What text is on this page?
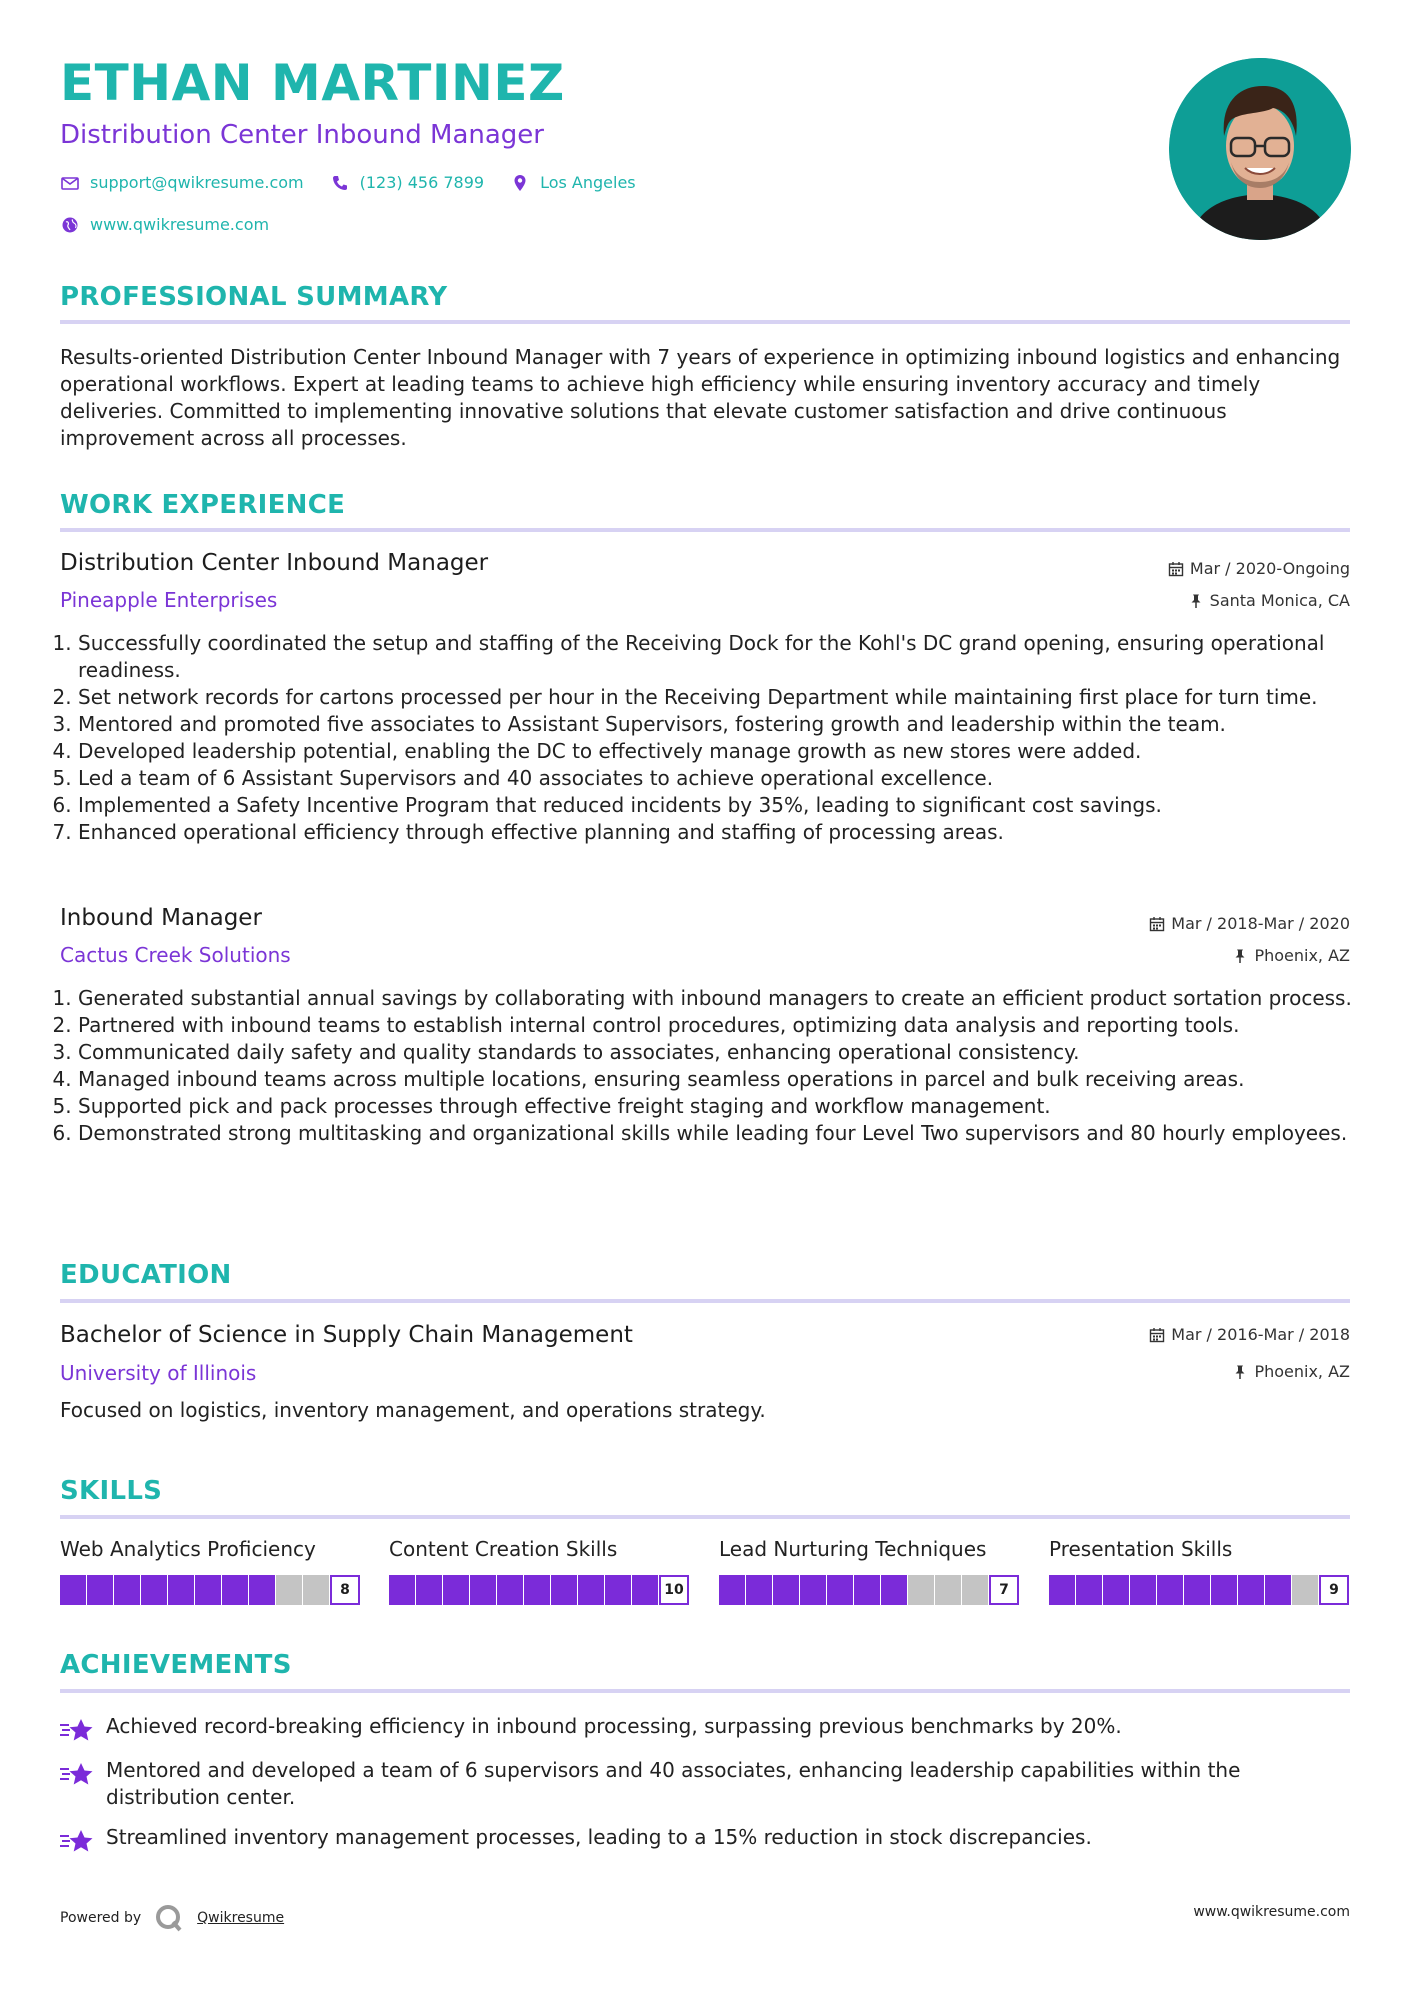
ETHAN MARTINEZ
Distribution Center Inbound Manager
support@qwikresume.com	(123) 456 7899	Los Angeles
www.qwikresume.com
PROFESSIONAL SUMMARY
Results-oriented Distribution Center Inbound Manager with 7 years of experience in optimizing inbound logistics and enhancing operational workflows. Expert at leading teams to achieve high efficiency while ensuring inventory accuracy and timely deliveries. Committed to implementing innovative solutions that elevate customer satisfaction and drive continuous improvement across all processes.
WORK EXPERIENCE
Distribution Center Inbound Manager	Mar / 2020-Ongoing
Pineapple Enterprises	Santa Monica, CA
1. Successfully coordinated the setup and staffing of the Receiving Dock for the Kohl's DC grand opening, ensuring operational readiness.
2. Set network records for cartons processed per hour in the Receiving Department while maintaining first place for turn time.
3. Mentored and promoted five associates to Assistant Supervisors, fostering growth and leadership within the team.
4. Developed leadership potential, enabling the DC to effectively manage growth as new stores were added.
5. Led a team of 6 Assistant Supervisors and 40 associates to achieve operational excellence.
6. Implemented a Safety Incentive Program that reduced incidents by 35%, leading to significant cost savings.
7. Enhanced operational efficiency through effective planning and staffing of processing areas.
Inbound Manager	Mar / 2018-Mar / 2020
Cactus Creek Solutions	Phoenix, AZ
1. Generated substantial annual savings by collaborating with inbound managers to create an efficient product sortation process.
2. Partnered with inbound teams to establish internal control procedures, optimizing data analysis and reporting tools.
3. Communicated daily safety and quality standards to associates, enhancing operational consistency.
4. Managed inbound teams across multiple locations, ensuring seamless operations in parcel and bulk receiving areas.
5. Supported pick and pack processes through effective freight staging and workflow management.
6. Demonstrated strong multitasking and organizational skills while leading four Level Two supervisors and 80 hourly employees.
EDUCATION
Bachelor of Science in Supply Chain Management	Mar / 2016-Mar / 2018
University of Illinois	Phoenix, AZ
Focused on logistics, inventory management, and operations strategy.
SKILLS
Web Analytics Proficiency
8
Content Creation Skills
10
Lead Nurturing Techniques
7
Presentation Skills
9
ACHIEVEMENTS
Achieved record-breaking efficiency in inbound processing, surpassing previous benchmarks by 20%.
Mentored and developed a team of 6 supervisors and 40 associates, enhancing leadership capabilities within the distribution center.
Streamlined inventory management processes, leading to a 15% reduction in stock discrepancies.
Powered by	Qwikresume	www.qwikresume.com
